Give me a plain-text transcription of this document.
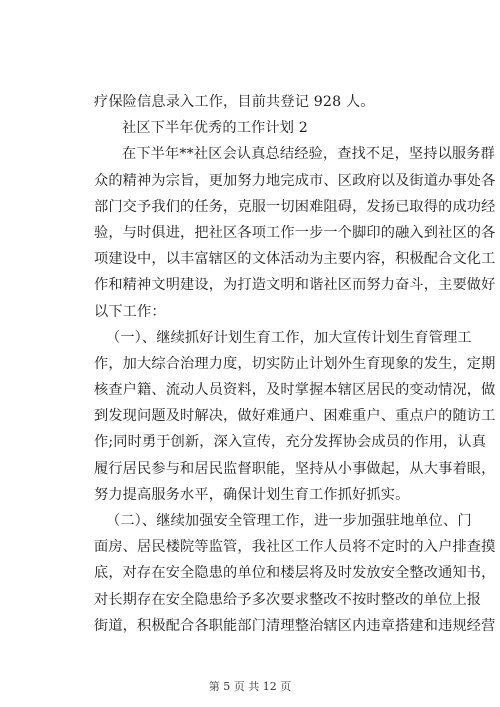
疗保险信息录入工作，目前共登记 928 人。
社区下半年优秀的工作计划 2
在下半年**社区会认真总结经验，查找不足，坚持以服务群
众的精神为宗旨，更加努力地完成市、区政府以及街道办事处各
部门交予我们的任务，克服一切困难阻碍，发扬已取得的成功经
验，与时俱进，把社区各项工作一步一个脚印的融入到社区的各
项建设中，以丰富辖区的文体活动为主要内容，积极配合文化工
作和精神文明建设，为打造文明和谐社区而努力奋斗，主要做好
以下工作：
（一）、继续抓好计划生育工作，加大宣传计划生育管理工
作，加大综合治理力度，切实防止计划外生育现象的发生，定期
核查户籍、流动人员资料，及时掌握本辖区居民的变动情况，做
到发现问题及时解决，做好难通户、困难重户、重点户的随访工
作;同时勇于创新，深入宣传，充分发挥协会成员的作用，认真
履行居民参与和居民监督职能，坚持从小事做起，从大事着眼，
努力提高服务水平，确保计划生育工作抓好抓实。
（二）、继续加强安全管理工作，进一步加强驻地单位、门
面房、居民楼院等监管，我社区工作人员将不定时的入户排查摸
底，对存在安全隐患的单位和楼层将及时发放安全整改通知书，
对长期存在安全隐患给予多次要求整改不按时整改的单位上报
街道，积极配合各职能部门清理整治辖区内违章搭建和违规经营
第 5 页 共 12 页
